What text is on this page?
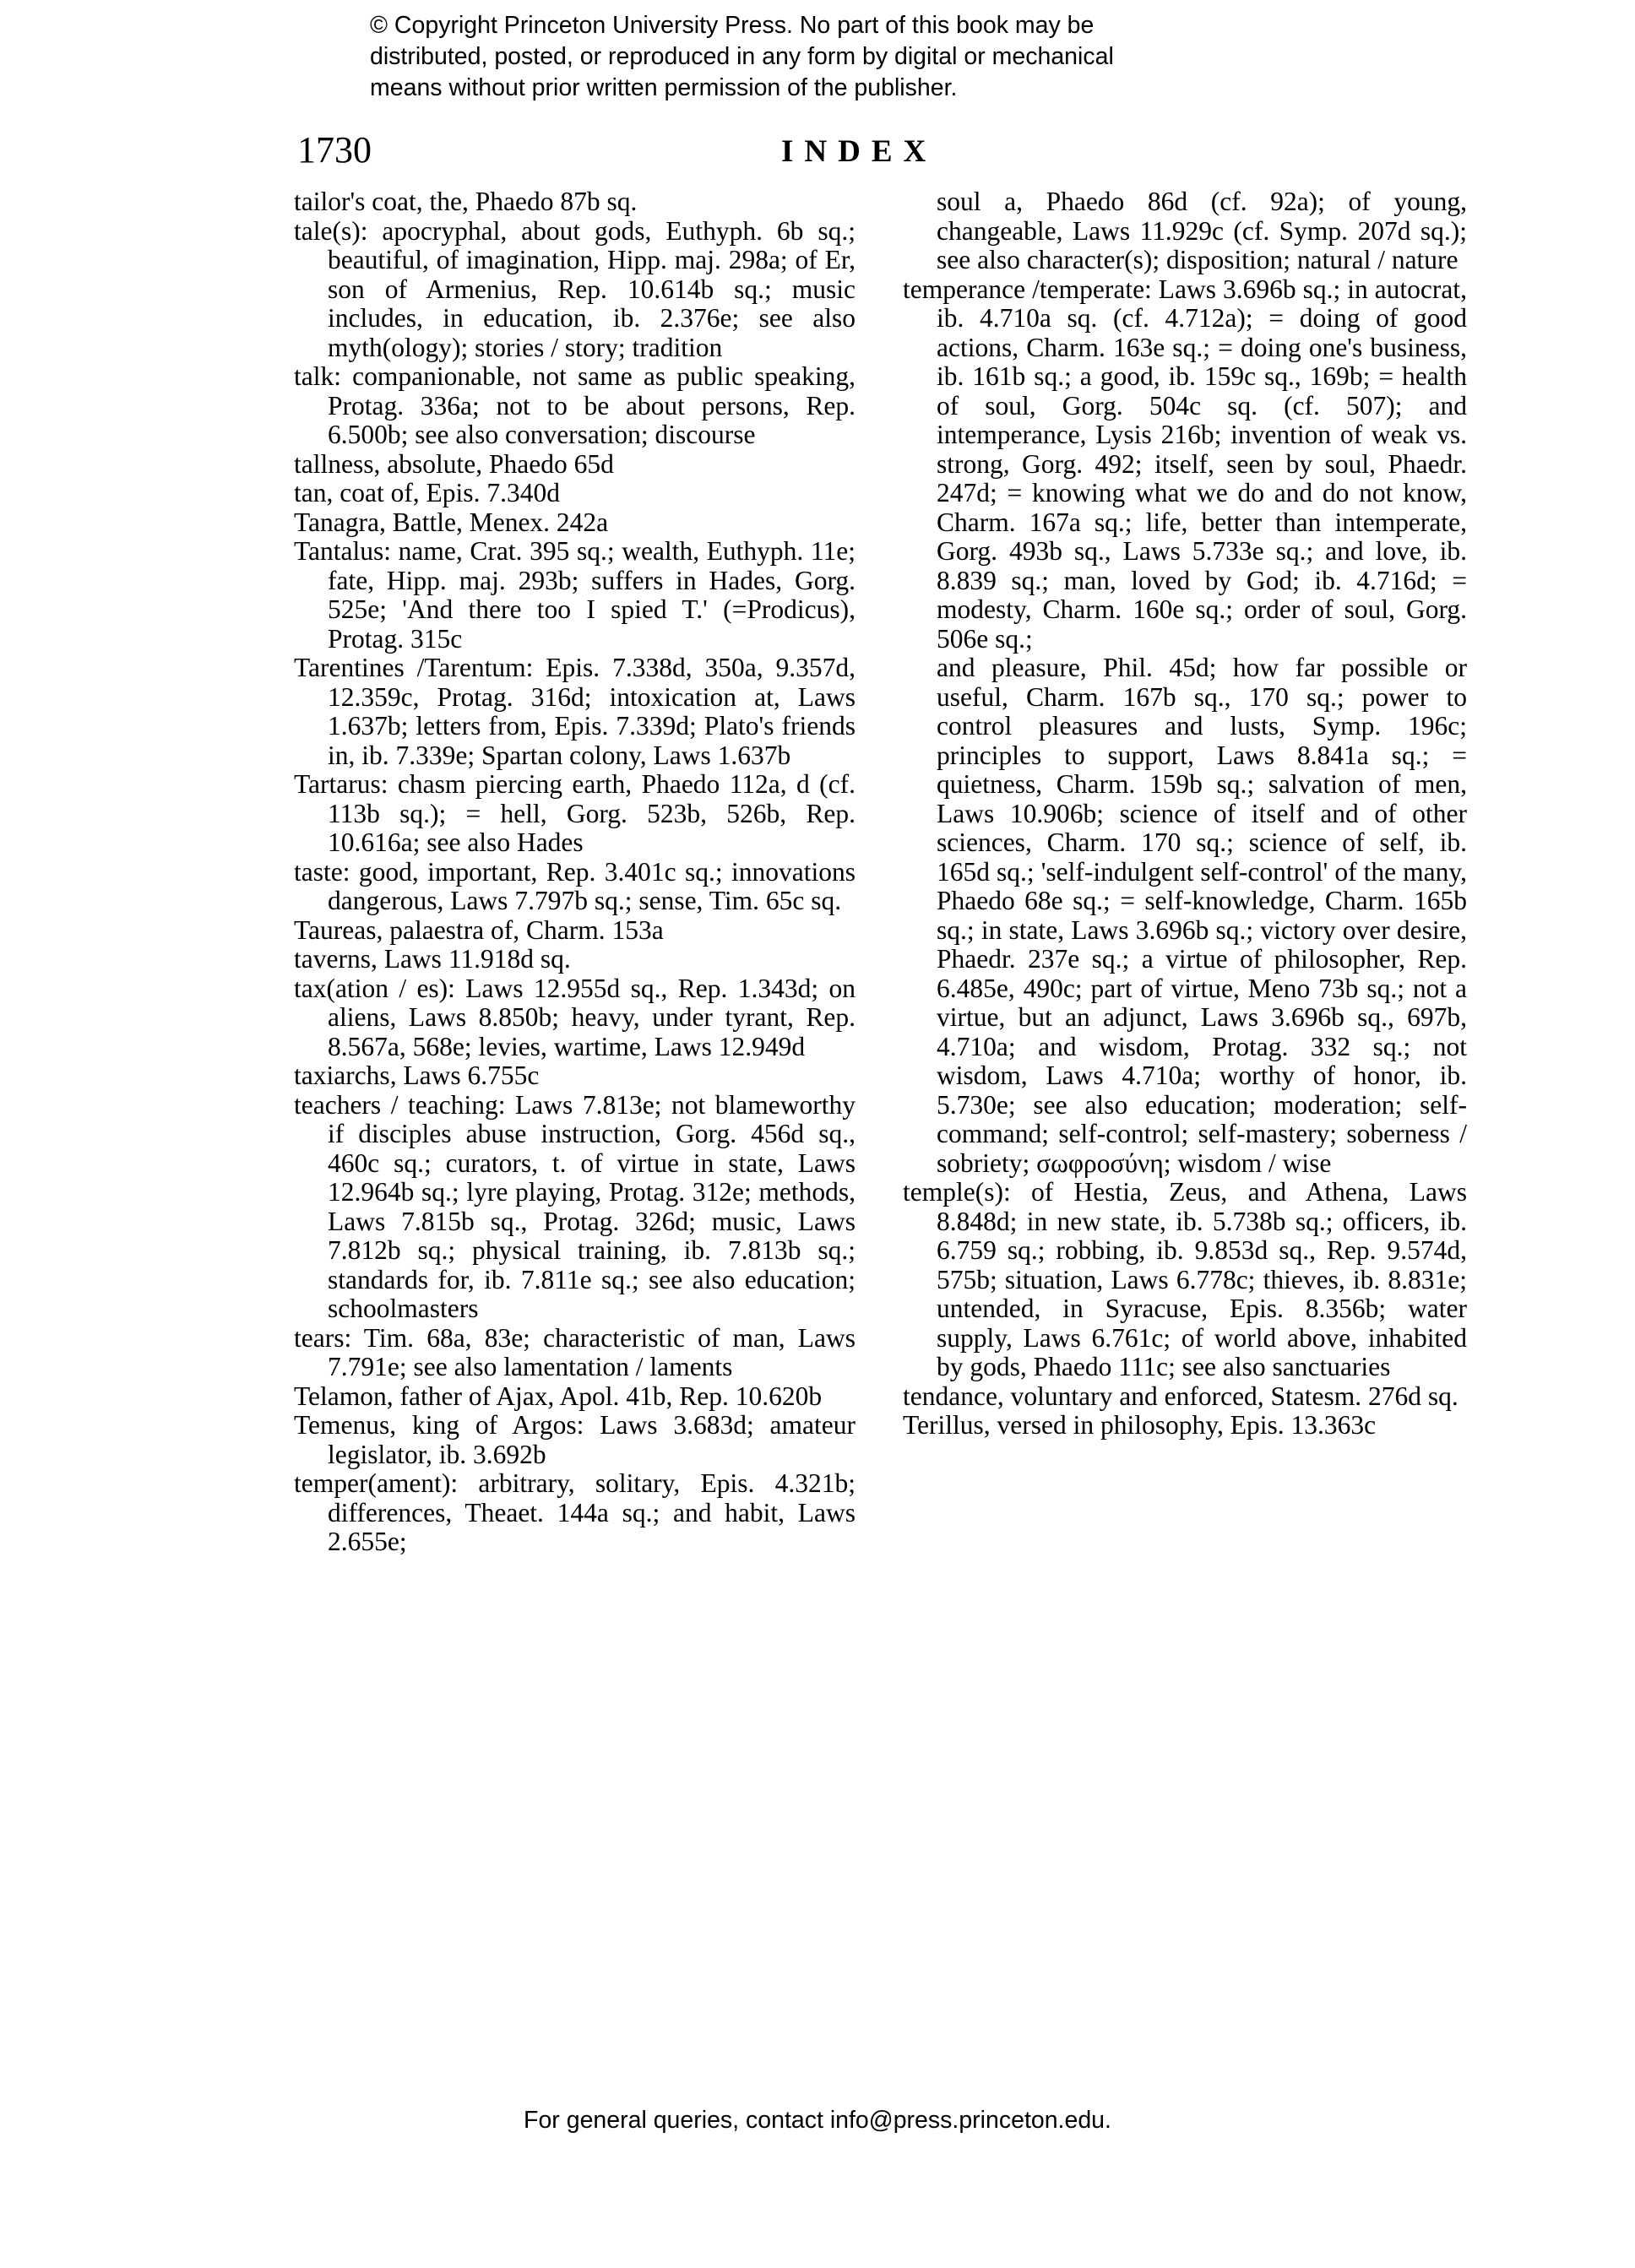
© Copyright Princeton University Press. No part of this book may be
distributed, posted, or reproduced in any form by digital or mechanical
means without prior written permission of the publisher.
1730	INDEX

tailor's coat, the, Phaedo 87b sq.

tale(s): apocryphal, about gods, Euthyph. 6b sq.; beautiful, of imagination, Hipp. maj. 298a; of Er, son of Armenius, Rep. 10.614b sq.; music includes, in education, ib. 2.376e; see also myth(ology); stories / story; tradition

talk: companionable, not same as public speaking, Protag. 336a; not to be about persons, Rep. 6.500b; see also conversation; discourse

tallness, absolute, Phaedo 65d

tan, coat of, Epis. 7.340d

Tanagra, Battle, Menex. 242a

Tantalus: name, Crat. 395 sq.; wealth, Euthyph. 11e; fate, Hipp. maj. 293b; suffers in Hades, Gorg. 525e; 'And there too I spied T.' (=Prodicus), Protag. 315c

Tarentines /Tarentum: Epis. 7.338d, 350a, 9.357d, 12.359c, Protag. 316d; intoxication at, Laws 1.637b; letters from, Epis. 7.339d; Plato's friends in, ib. 7.339e; Spartan colony, Laws 1.637b

Tartarus: chasm piercing earth, Phaedo 112a, d (cf. 113b sq.); = hell, Gorg. 523b, 526b, Rep. 10.616a; see also Hades

taste: good, important, Rep. 3.401c sq.; innovations dangerous, Laws 7.797b sq.; sense, Tim. 65c sq.

Taureas, palaestra of, Charm. 153a

taverns, Laws 11.918d sq.

tax(ation / es): Laws 12.955d sq., Rep. 1.343d; on aliens, Laws 8.850b; heavy, under tyrant, Rep. 8.567a, 568e; levies, wartime, Laws 12.949d

taxiarchs, Laws 6.755c

teachers / teaching: Laws 7.813e; not blameworthy if disciples abuse instruction, Gorg. 456d sq., 460c sq.; curators, t. of virtue in state, Laws 12.964b sq.; lyre playing, Protag. 312e; methods, Laws 7.815b sq., Protag. 326d; music, Laws 7.812b sq.; physical training, ib. 7.813b sq.; standards for, ib. 7.811e sq.; see also education; schoolmasters

tears: Tim. 68a, 83e; characteristic of man, Laws 7.791e; see also lamentation / laments

Telamon, father of Ajax, Apol. 41b, Rep. 10.620b

Temenus, king of Argos: Laws 3.683d; amateur legislator, ib. 3.692b

temper(ament): arbitrary, solitary, Epis. 4.321b; differences, Theaet. 144a sq.; and habit, Laws 2.655e;

soul a, Phaedo 86d (cf. 92a); of young, changeable, Laws 11.929c (cf. Symp. 207d sq.); see also character(s); disposition; natural / nature

temperance /temperate: Laws 3.696b sq.; in autocrat, ib. 4.710a sq. (cf. 4.712a); = doing of good actions, Charm. 163e sq.; = doing one's business, ib. 161b sq.; a good, ib. 159c sq., 169b; = health of soul, Gorg. 504c sq. (cf. 507); and intemperance, Lysis 216b; invention of weak vs. strong, Gorg. 492; itself, seen by soul, Phaedr. 247d; = knowing what we do and do not know, Charm. 167a sq.; life, better than intemperate, Gorg. 493b sq., Laws 5.733e sq.; and love, ib. 8.839 sq.; man, loved by God; ib. 4.716d; = modesty, Charm. 160e sq.; order of soul, Gorg. 506e sq.;

and pleasure, Phil. 45d; how far possible or useful, Charm. 167b sq., 170 sq.; power to control pleasures and lusts, Symp. 196c; principles to support, Laws 8.841a sq.; = quietness, Charm. 159b sq.; salvation of men, Laws 10.906b; science of itself and of other sciences, Charm. 170 sq.; science of self, ib. 165d sq.; 'self-indulgent self-control' of the many, Phaedo 68e sq.; = self-knowledge, Charm. 165b sq.; in state, Laws 3.696b sq.; victory over desire, Phaedr. 237e sq.; a virtue of philosopher, Rep. 6.485e, 490c; part of virtue, Meno 73b sq.; not a virtue, but an adjunct, Laws 3.696b sq., 697b, 4.710a; and wisdom, Protag. 332 sq.; not wisdom, Laws 4.710a; worthy of honor, ib. 5.730e; see also education; moderation; self-command; self-control; self-mastery; soberness / sobriety; σωφροσύνη; wisdom / wise

temple(s): of Hestia, Zeus, and Athena, Laws 8.848d; in new state, ib. 5.738b sq.; officers, ib. 6.759 sq.; robbing, ib. 9.853d sq., Rep. 9.574d, 575b; situation, Laws 6.778c; thieves, ib. 8.831e; untended, in Syracuse, Epis. 8.356b; water supply, Laws 6.761c; of world above, inhabited by gods, Phaedo 111c; see also sanctuaries

tendance, voluntary and enforced, Statesm. 276d sq.

Terillus, versed in philosophy, Epis. 13.363c

For general queries, contact info@press.princeton.edu.
